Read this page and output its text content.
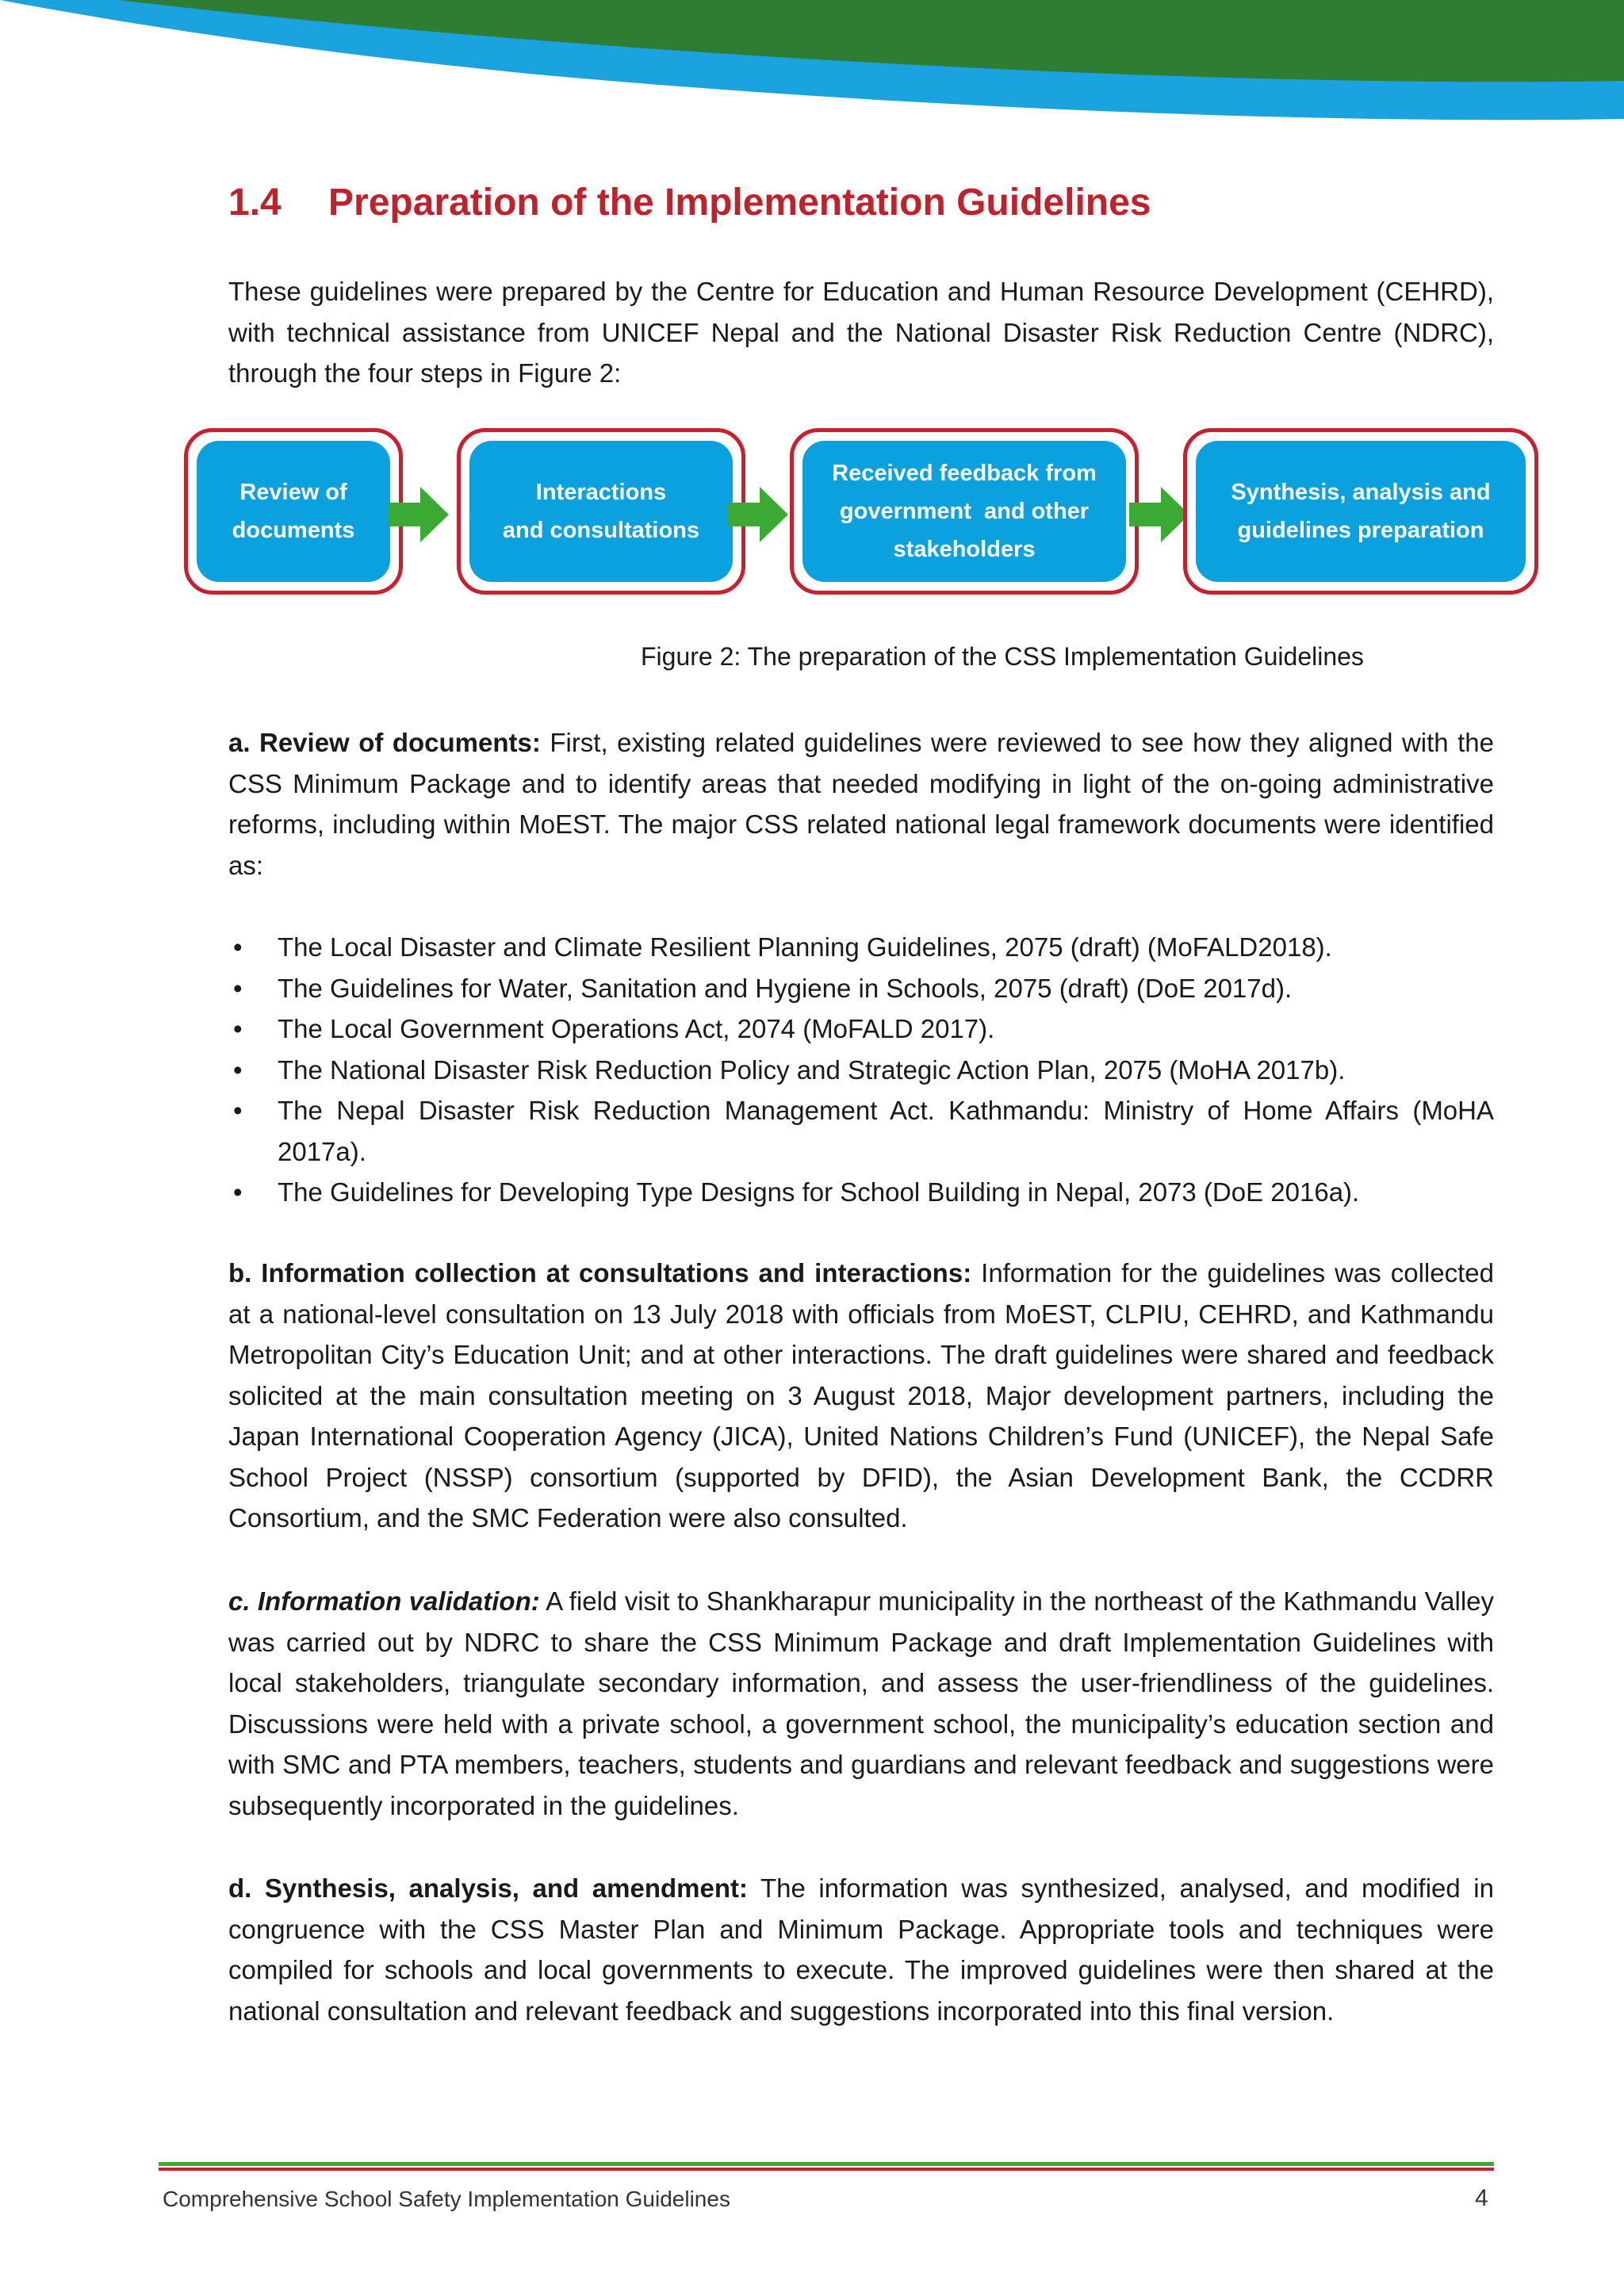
1.4 Preparation of the Implementation Guidelines

These guidelines were prepared by the Centre for Education and Human Resource Development (CEHRD), with technical assistance from UNICEF Nepal and the National Disaster Risk Reduction Centre (NDRC), through the four steps in Figure 2:

Figure 2: The preparation of the CSS Implementation Guidelines

a. Review of documents: First, existing related guidelines were reviewed to see how they aligned with the CSS Minimum Package and to identify areas that needed modifying in light of the on-going administrative reforms, including within MoEST. The major CSS related national legal framework documents were identified as:

• The Local Disaster and Climate Resilient Planning Guidelines, 2075 (draft) (MoFALD2018).
• The Guidelines for Water, Sanitation and Hygiene in Schools, 2075 (draft) (DoE 2017d).
• The Local Government Operations Act, 2074 (MoFALD 2017).
• The National Disaster Risk Reduction Policy and Strategic Action Plan, 2075 (MoHA 2017b).
• The Nepal Disaster Risk Reduction Management Act. Kathmandu: Ministry of Home Affairs (MoHA 2017a).
• The Guidelines for Developing Type Designs for School Building in Nepal, 2073 (DoE 2016a).

b. Information collection at consultations and interactions: Information for the guidelines was collected at a national-level consultation on 13 July 2018 with officials from MoEST, CLPIU, CEHRD, and Kathmandu Metropolitan City’s Education Unit; and at other interactions. The draft guidelines were shared and feedback solicited at the main consultation meeting on 3 August 2018, Major development partners, including the Japan International Cooperation Agency (JICA), United Nations Children’s Fund (UNICEF), the Nepal Safe School Project (NSSP) consortium (supported by DFID), the Asian Development Bank, the CCDRR Consortium, and the SMC Federation were also consulted.

c. Information validation: A field visit to Shankharapur municipality in the northeast of the Kathmandu Valley was carried out by NDRC to share the CSS Minimum Package and draft Implementation Guidelines with local stakeholders, triangulate secondary information, and assess the user-friendliness of the guidelines. Discussions were held with a private school, a government school, the municipality’s education section and with SMC and PTA members, teachers, students and guardians and relevant feedback and suggestions were subsequently incorporated in the guidelines.

d. Synthesis, analysis, and amendment: The information was synthesized, analysed, and modified in congruence with the CSS Master Plan and Minimum Package. Appropriate tools and techniques were compiled for schools and local governments to execute. The improved guidelines were then shared at the national consultation and relevant feedback and suggestions incorporated into this final version.

Review of
documents
Interactions
and consultations
Received feedback from
government  and other
stakeholders
Synthesis, analysis and
guidelines preparation
Comprehensive School Safety Implementation Guidelines	4
